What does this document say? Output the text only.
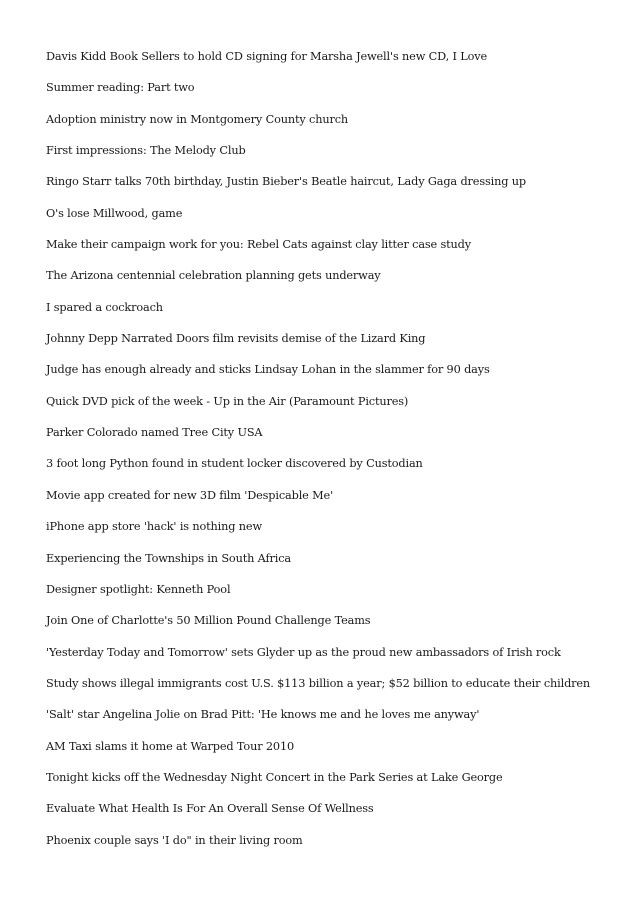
Davis Kidd Book Sellers to hold CD signing for Marsha Jewell's new CD, I Love
Summer reading: Part two
Adoption ministry now in Montgomery County church
First impressions: The Melody Club
Ringo Starr talks 70th birthday, Justin Bieber's Beatle haircut, Lady Gaga dressing up
O's lose Millwood, game
Make their campaign work for you: Rebel Cats against clay litter case study
The Arizona centennial celebration planning gets underway
I spared a cockroach
Johnny Depp Narrated Doors film revisits demise of the Lizard King
Judge has enough already and sticks Lindsay Lohan in the slammer for 90 days
Quick DVD pick of the week - Up in the Air (Paramount Pictures)
Parker Colorado named Tree City USA
3 foot long Python found in student locker discovered by Custodian
Movie app created for new 3D film 'Despicable Me'
iPhone app store 'hack' is nothing new
Experiencing the Townships in South Africa
Designer spotlight: Kenneth Pool
Join One of Charlotte's 50 Million Pound Challenge Teams
'Yesterday Today and Tomorrow' sets Glyder up as the proud new ambassadors of Irish rock
Study shows illegal immigrants cost U.S. $113 billion a year; $52 billion to educate their children
'Salt' star Angelina Jolie on Brad Pitt: 'He knows me and he loves me anyway'
AM Taxi slams it home at Warped Tour 2010
Tonight kicks off the Wednesday Night Concert in the Park Series at Lake George
Evaluate What Health Is For An Overall Sense Of Wellness
Phoenix couple says 'I do" in their living room
